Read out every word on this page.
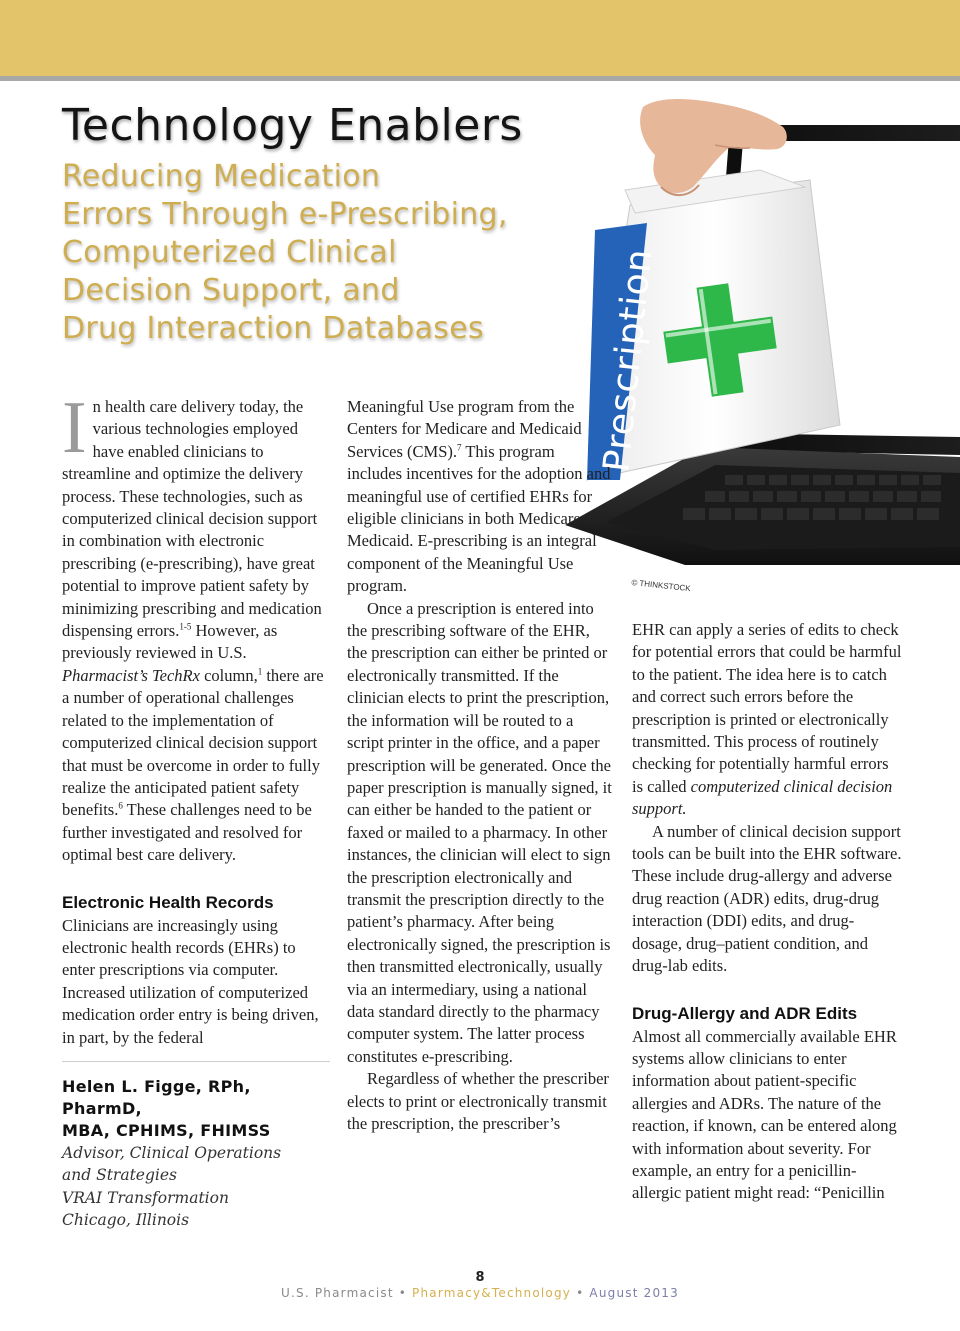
Technology Enablers
Reducing Medication
Errors Through e-Prescribing,
Computerized Clinical
Decision Support, and
Drug Interaction Databases	Prescription
© THINKSTOCK

In health care delivery today, the various technologies employed have enabled clinicians to streamline and optimize the delivery process. These technologies, such as computerized clinical decision support in combination with electronic prescribing (e-prescribing), have great potential to improve patient safety by minimizing prescribing and medication dispensing errors.$^{1-5}$ However, as previously reviewed in U.S. Pharmacist’s TechRx column,$^1$ there are a number of operational challenges related to the implementation of computerized clinical decision support that must be overcome in order to fully realize the anticipated patient safety benefits.$^6$ These challenges need to be further investigated and resolved for optimal best care delivery.

Electronic Health Records

Clinicians are increasingly using electronic health records (EHRs) to enter prescriptions via computer. Increased utilization of computerized medication order entry is being driven, in part, by the federal

Helen L. Figge, RPh, PharmD,
MBA, CPHIMS, FHIMSS
Advisor, Clinical Operations
and Strategies
VRAI Transformation
Chicago, Illinois

Meaningful Use program from the Centers for Medicare and Medicaid Services (CMS).$^7$ This program includes incentives for the adoption and meaningful use of certified EHRs for eligible clinicians in both Medicare and Medicaid. E-prescribing is an integral component of the Meaningful Use program.

Once a prescription is entered into the prescribing software of the EHR, the prescription can either be printed or electronically transmitted. If the clinician elects to print the prescription, the information will be routed to a script printer in the office, and a paper prescription will be generated. Once the paper prescription is manually signed, it can either be handed to the patient or faxed or mailed to a pharmacy. In other instances, the clinician will elect to sign the prescription electronically and transmit the prescription directly to the patient’s pharmacy. After being electronically signed, the prescription is then transmitted electronically, usually via an intermediary, using a national data standard directly to the pharmacy computer system. The latter process constitutes e-prescribing.

Regardless of whether the prescriber elects to print or electronically transmit the prescription, the prescriber’s

EHR can apply a series of edits to check for potential errors that could be harmful to the patient. The idea here is to catch and correct such errors before the prescription is printed or electronically transmitted. This process of routinely checking for potentially harmful errors is called computerized clinical decision support.

A number of clinical decision support tools can be built into the EHR software. These include drug-allergy and adverse drug reaction (ADR) edits, drug-drug interaction (DDI) edits, and drug-dosage, drug–patient condition, and drug-lab edits.

Drug-Allergy and ADR Edits

Almost all commercially available EHR systems allow clinicians to enter information about patient-specific allergies and ADRs. The nature of the reaction, if known, can be entered along with information about severity. For example, an entry for a penicillin-allergic patient might read: “Penicillin

8
U.S. Pharmacist • Pharmacy&Technology • August 2013
